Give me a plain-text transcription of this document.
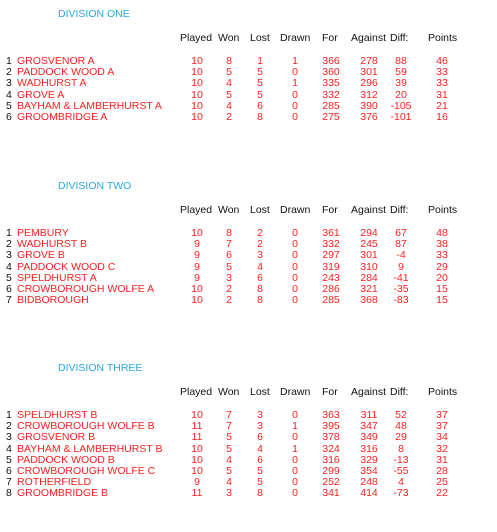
DIVISION ONE
Played Won Lost Drawn For Against Diff: Points
1 GROSVENOR A	10 8 1	1 366 278 88	46
2 PADDOCK WOOD A	10 5 5	0 360 301 59	33
3 WADHURST A	10 4 5	1 335 296 39	33
4 GROVE A	10 5 5	0 332 312 20	31
5 BAYHAM & LAMBERHURST A	10 4 6	0 285 390 -105 21
6 GROOMBRIDGE A	10 2 8	0 275 376 -101 16
DIVISION TWO
Played Won Lost Drawn For Against Diff: Points
1 PEMBURY	10 8 2	0 361 294 67	48
2 WADHURST B	9 7 2	0 332 245 87	38
3 GROVE B	9 6 3	0 297 301 -4	33
4 PADDOCK WOOD C	9 5 4	0 319 310 9	29
5 SPELDHURST A	9 3 6	0 243 284 -41	20
6 CROWBOROUGH WOLFE A	10 2 8	0 286 321 -35	15
7 BIDBOROUGH	10 2 8	0 285 368 -83	15
DIVISION THREE
Played Won Lost Drawn For Against Diff: Points
1 SPELDHURST B	10 7 3	0 363 311 52	37
2 CROWBOROUGH WOLFE B	11 7 3	1 395 347 48	37
3 GROSVENOR B	11 5 6	0 378 349 29	34
4 BAYHAM & LAMBERHURST B	10 5 4	1 324 316 8	32
5 PADDOCK WOOD B	10 4 6	0 316 329 -13	31
6 CROWBOROUGH WOLFE C	10 5 5	0 299 354 -55	28
7 ROTHERFIELD	9 4 5	0 252 248 4	25
8 GROOMBRIDGE B	11 3 8	0 341 414 -73	22
